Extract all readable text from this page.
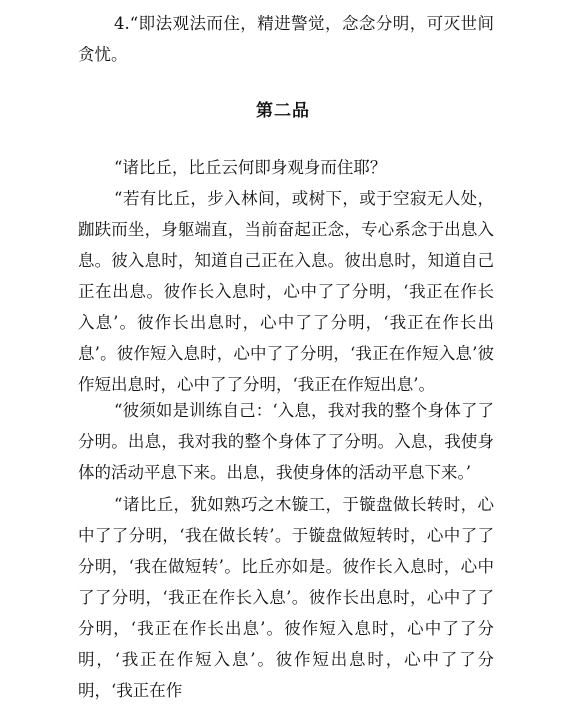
4.“即法观法而住，精进警觉，念念分明，可灭世间贪忧。

第二品

“诸比丘，比丘云何即身观身而住耶？

“若有比丘，步入林间，或树下，或于空寂无人处，跏趺而坐，身躯端直，当前奋起正念，专心系念于出息入息。彼入息时，知道自己正在入息。彼出息时，知道自己正在出息。彼作长入息时，心中了了分明，‘我正在作长入息’。彼作长出息时，心中了了分明，‘我正在作长出息’。彼作短入息时，心中了了分明，‘我正在作短入息’彼作短出息时，心中了了分明，‘我正在作短出息’。

“彼须如是训练自己：‘入息，我对我的整个身体了了分明。出息，我对我的整个身体了了分明。入息，我使身体的活动平息下来。出息，我使身体的活动平息下来。’

“诸比丘，犹如熟巧之木镟工，于镟盘做长转时，心中了了分明，‘我在做长转’。于镟盘做短转时，心中了了分明，‘我在做短转’。比丘亦如是。彼作长入息时，心中了了分明，‘我正在作长入息’。彼作长出息时，心中了了分明，‘我正在作长出息’。彼作短入息时，心中了了分明，‘我正在作短入息’。彼作短出息时，心中了了分明，‘我正在作
